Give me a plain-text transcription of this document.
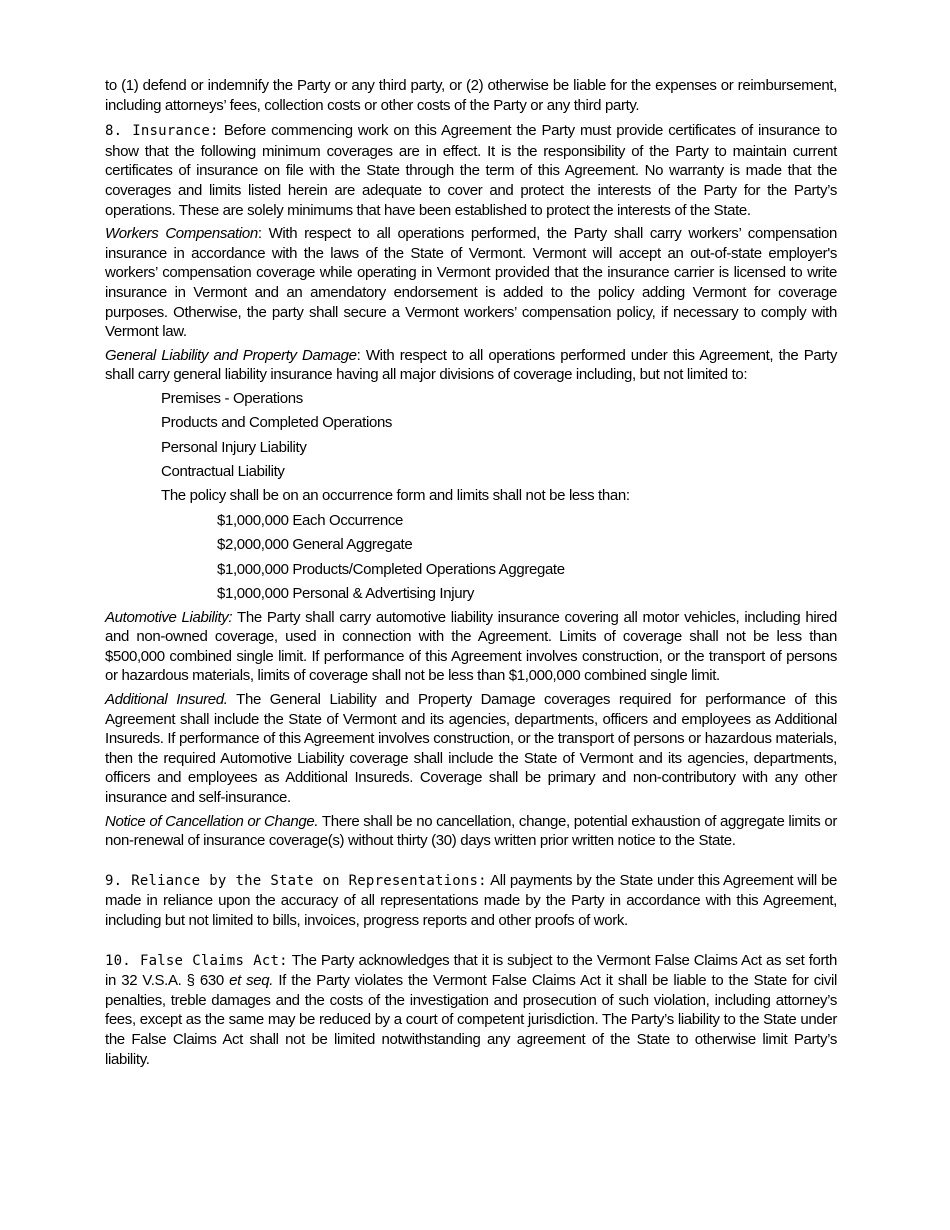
to (1) defend or indemnify the Party or any third party, or (2) otherwise be liable for the expenses or reimbursement, including attorneys’ fees, collection costs or other costs of the Party or any third party.

8. Insurance: Before commencing work on this Agreement the Party must provide certificates of insurance to show that the following minimum coverages are in effect. It is the responsibility of the Party to maintain current certificates of insurance on file with the State through the term of this Agreement. No warranty is made that the coverages and limits listed herein are adequate to cover and protect the interests of the Party for the Party’s operations. These are solely minimums that have been established to protect the interests of the State.

Workers Compensation: With respect to all operations performed, the Party shall carry workers’ compensation insurance in accordance with the laws of the State of Vermont. Vermont will accept an out-of-state employer's workers’ compensation coverage while operating in Vermont provided that the insurance carrier is licensed to write insurance in Vermont and an amendatory endorsement is added to the policy adding Vermont for coverage purposes. Otherwise, the party shall secure a Vermont workers’ compensation policy, if necessary to comply with Vermont law.

General Liability and Property Damage: With respect to all operations performed under this Agreement, the Party shall carry general liability insurance having all major divisions of coverage including, but not limited to:

Premises - Operations
Products and Completed Operations
Personal Injury Liability
Contractual Liability
The policy shall be on an occurrence form and limits shall not be less than:
$1,000,000 Each Occurrence
$2,000,000 General Aggregate
$1,000,000 Products/Completed Operations Aggregate
$1,000,000 Personal & Advertising Injury

Automotive Liability: The Party shall carry automotive liability insurance covering all motor vehicles, including hired and non-owned coverage, used in connection with the Agreement. Limits of coverage shall not be less than $500,000 combined single limit. If performance of this Agreement involves construction, or the transport of persons or hazardous materials, limits of coverage shall not be less than $1,000,000 combined single limit.

Additional Insured. The General Liability and Property Damage coverages required for performance of this Agreement shall include the State of Vermont and its agencies, departments, officers and employees as Additional Insureds. If performance of this Agreement involves construction, or the transport of persons or hazardous materials, then the required Automotive Liability coverage shall include the State of Vermont and its agencies, departments, officers and employees as Additional Insureds. Coverage shall be primary and non-contributory with any other insurance and self-insurance.

Notice of Cancellation or Change. There shall be no cancellation, change, potential exhaustion of aggregate limits or non-renewal of insurance coverage(s) without thirty (30) days written prior written notice to the State.

9. Reliance by the State on Representations: All payments by the State under this Agreement will be made in reliance upon the accuracy of all representations made by the Party in accordance with this Agreement, including but not limited to bills, invoices, progress reports and other proofs of work.

10. False Claims Act: The Party acknowledges that it is subject to the Vermont False Claims Act as set forth in 32 V.S.A. § 630 et seq. If the Party violates the Vermont False Claims Act it shall be liable to the State for civil penalties, treble damages and the costs of the investigation and prosecution of such violation, including attorney’s fees, except as the same may be reduced by a court of competent jurisdiction. The Party’s liability to the State under the False Claims Act shall not be limited notwithstanding any agreement of the State to otherwise limit Party’s liability.
